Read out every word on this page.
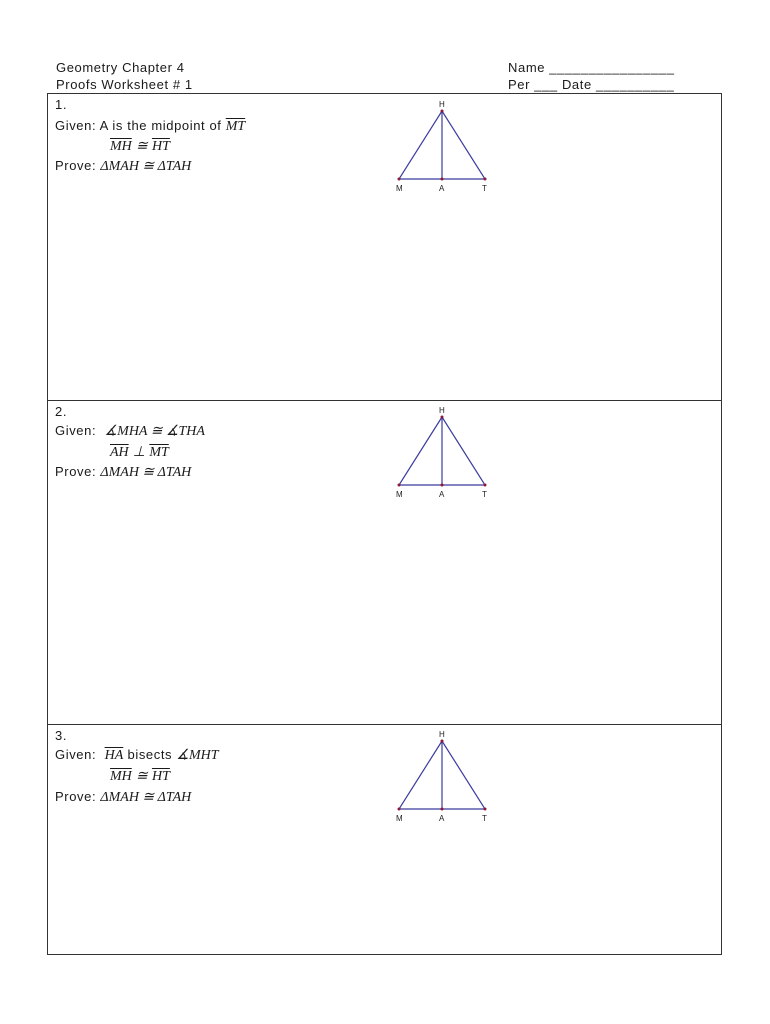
Geometry Chapter 4
Proofs Worksheet # 1
Name ________________
Per ___ Date __________
1.
Given: A is the midpoint of $\overline{MT}$
$\overline{MH}$ ≅ $\overline{HT}$
Prove: ΔMAH ≅ ΔTAH
H
M	A	T
2.
Given: ∡MHA ≅ ∡THA
$\overline{AH}$ ⊥ $\overline{MT}$
Prove: ΔMAH ≅ ΔTAH
H
M	A	T
3.
Given: $\overline{HA}$ bisects ∡MHT
$\overline{MH}$ ≅ $\overline{HT}$
Prove: ΔMAH ≅ ΔTAH
H
M	A	T
